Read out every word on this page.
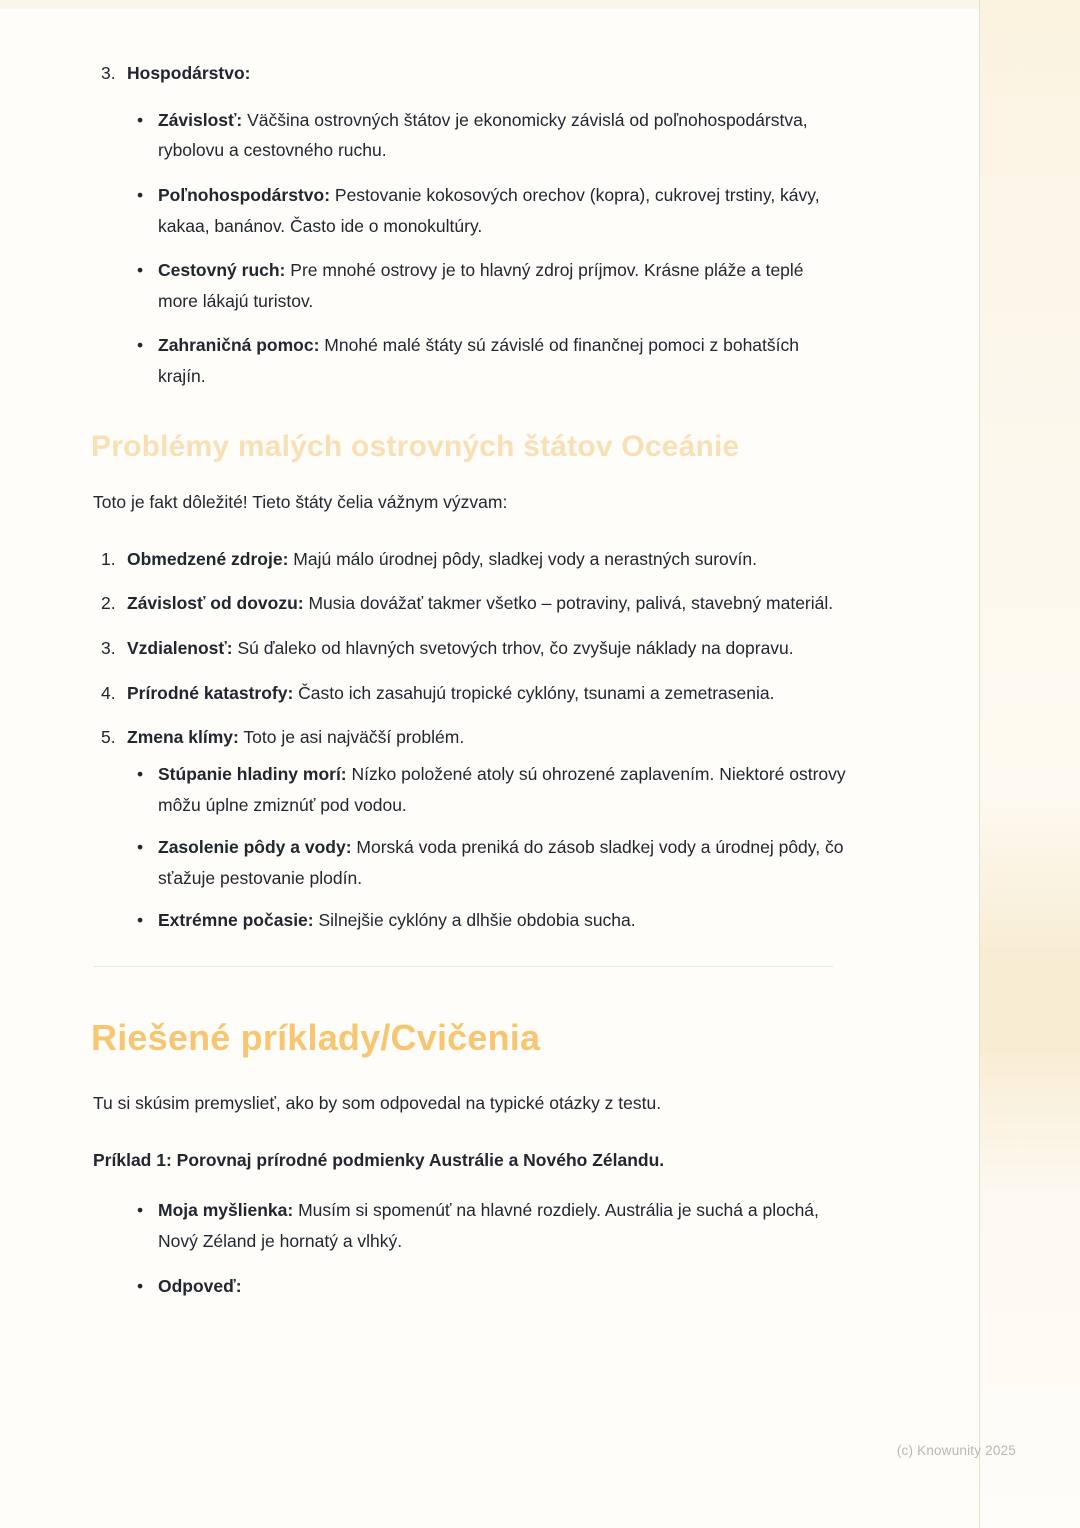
3. Hospodárstvo:

• Závislosť: Väčšina ostrovných štátov je ekonomicky závislá od poľnohospodárstva, rybolovu a cestovného ruchu.

• Poľnohospodárstvo: Pestovanie kokosových orechov (kopra), cukrovej trstiny, kávy, kakaa, banánov. Často ide o monokultúry.

• Cestovný ruch: Pre mnohé ostrovy je to hlavný zdroj príjmov. Krásne pláže a teplé more lákajú turistov.

• Zahraničná pomoc: Mnohé malé štáty sú závislé od finančnej pomoci z bohatších krajín.

Problémy malých ostrovných štátov Oceánie

Toto je fakt dôležité! Tieto štáty čelia vážnym výzvam:

1. Obmedzené zdroje: Majú málo úrodnej pôdy, sladkej vody a nerastných surovín.

2. Závislosť od dovozu: Musia dovážať takmer všetko – potraviny, palivá, stavebný materiál.

3. Vzdialenosť: Sú ďaleko od hlavných svetových trhov, čo zvyšuje náklady na dopravu.

4. Prírodné katastrofy: Často ich zasahujú tropické cyklóny, tsunami a zemetrasenia.

5. Zmena klímy: Toto je asi najväčší problém.

• Stúpanie hladiny morí: Nízko položené atoly sú ohrozené zaplavením. Niektoré ostrovy môžu úplne zmiznúť pod vodou.

• Zasolenie pôdy a vody: Morská voda preniká do zásob sladkej vody a úrodnej pôdy, čo sťažuje pestovanie plodín.

• Extrémne počasie: Silnejšie cyklóny a dlhšie obdobia sucha.

Riešené príklady/Cvičenia

Tu si skúsim premyslieť, ako by som odpovedal na typické otázky z testu.

Príklad 1: Porovnaj prírodné podmienky Austrálie a Nového Zélandu.

• Moja myšlienka: Musím si spomenúť na hlavné rozdiely. Austrália je suchá a plochá, Nový Zéland je hornatý a vlhký.

• Odpoveď:

(c) Knowunity 2025
